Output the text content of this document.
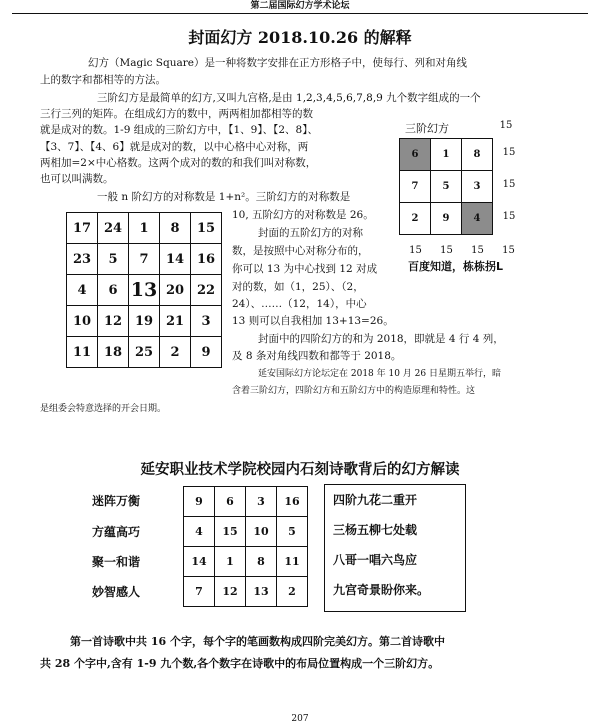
第二届国际幻方学术论坛
封面幻方 2018.10.26 的解释
幻方（Magic Square）是一种将数字安排在正方形格子中，使每行、列和对角线
上的数字和都相等的方法。
三阶幻方是最简单的幻方,又叫九宫格,是由 1,2,3,4,5,6,7,8,9 九个数字组成的一个
三行三列的矩阵。在组成幻方的数中，两两相加都相等的数
就是成对的数。1-9 组成的三阶幻方中，【1、9】、【2、8】、
【3、7】、【4、6】就是成对的数，以中心格中心对称，两
两相加=2×中心格数。这两个成对的数的和我们叫对称数，
也可以叫满数。
一般 n 阶幻方的对称数是 1+n²。三阶幻方的对称数是
10, 五阶幻方的对称数是 26。
封面的五阶幻方的对称
数，是按照中心对称分布的，
你可以 13 为中心找到 12 对成
对的数，如（1，25）、（2，
24）、……（12，14），中心
13 则可以自我相加 13+13=26。
封面中的四阶幻方的和为 2018，即就是 4 行 4 列，
及 8 条对角线四数和都等于 2018。
延安国际幻方论坛定在 2018 年 10 月 26 日星期五举行，暗
含着三阶幻方，四阶幻方和五阶幻方中的构造原理和特性。这
是组委会特意选择的开会日期。
17	24	1	8	15
23	5	7	14	16
4	6	13	20	22
10	12	19	21	3
11	18	25	2	9
三阶幻方	15
6	1	8
7	5	3
2	9	4
15
15
15
15 15 15 15
百度知道，栋栋拐L
延安职业技术学院校园内石刻诗歌背后的幻方解读
迷阵万衡
方蕴高巧
聚一和谐
妙智感人
9	6	3	16
4	15	10	5
14	1	8	11
7	12	13	2
四阶九花二重开
三杨五柳七处载
八哥一唱六鸟应
九宫奇景盼你来。
第一首诗歌中共 16 个字，每个字的笔画数构成四阶完美幻方。第二首诗歌中
共 28 个字中,含有 1-9 九个数,各个数字在诗歌中的布局位置构成一个三阶幻方。
207
